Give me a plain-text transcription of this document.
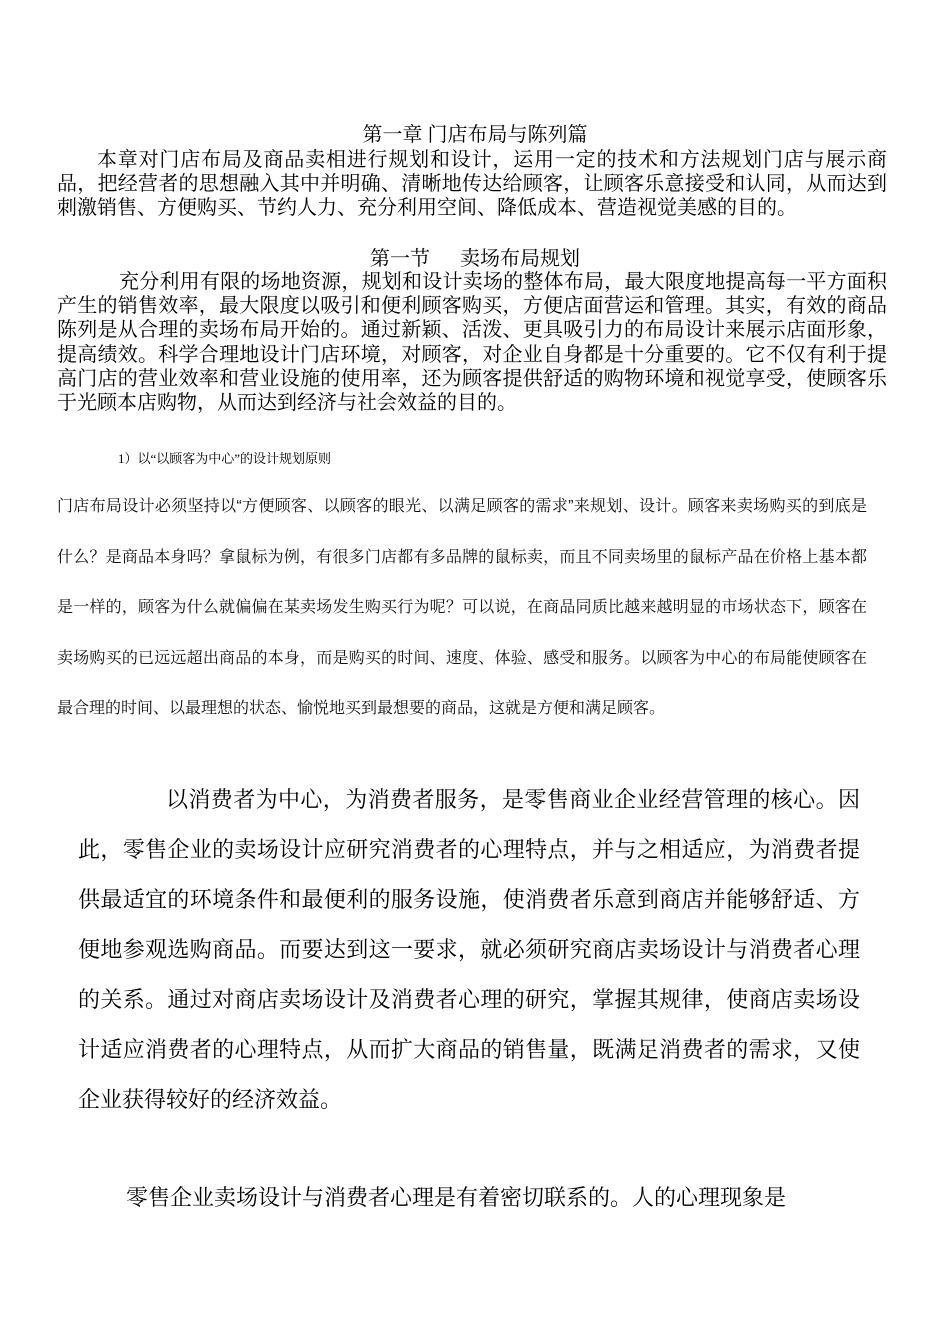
第一章 门店布局与陈列篇

本章对门店布局及商品卖相进行规划和设计，运用一定的技术和方法规划门店与展示商品，把经营者的思想融入其中并明确、清晰地传达给顾客，让顾客乐意接受和认同，从而达到刺激销售、方便购买、节约人力、充分利用空间、降低成本、营造视觉美感的目的。

第一节      卖场布局规划

充分利用有限的场地资源，规划和设计卖场的整体布局，最大限度地提高每一平方面积产生的销售效率，最大限度以吸引和便利顾客购买，方便店面营运和管理。其实，有效的商品陈列是从合理的卖场布局开始的。通过新颖、活泼、更具吸引力的布局设计来展示店面形象，提高绩效。科学合理地设计门店环境，对顾客，对企业自身都是十分重要的。它不仅有利于提高门店的营业效率和营业设施的使用率，还为顾客提供舒适的购物环境和视觉享受，使顾客乐于光顾本店购物，从而达到经济与社会效益的目的。

1）以“以顾客为中心”的设计规划原则

门店布局设计必须坚持以“方便顾客、以顾客的眼光、以满足顾客的需求”来规划、设计。顾客来卖场购买的到底是什么？是商品本身吗？拿鼠标为例，有很多门店都有多品牌的鼠标卖，而且不同卖场里的鼠标产品在价格上基本都是一样的，顾客为什么就偏偏在某卖场发生购买行为呢？可以说，在商品同质比越来越明显的市场状态下，顾客在卖场购买的已远远超出商品的本身，而是购买的时间、速度、体验、感受和服务。以顾客为中心的布局能使顾客在最合理的时间、以最理想的状态、愉悦地买到最想要的商品，这就是方便和满足顾客。

以消费者为中心，为消费者服务，是零售商业企业经营管理的核心。因此，零售企业的卖场设计应研究消费者的心理特点，并与之相适应，为消费者提供最适宜的环境条件和最便利的服务设施，使消费者乐意到商店并能够舒适、方便地参观选购商品。而要达到这一要求，就必须研究商店卖场设计与消费者心理的关系。通过对商店卖场设计及消费者心理的研究，掌握其规律，使商店卖场设计适应消费者的心理特点，从而扩大商品的销售量，既满足消费者的需求，又使企业获得较好的经济效益。

零售企业卖场设计与消费者心理是有着密切联系的。人的心理现象是
